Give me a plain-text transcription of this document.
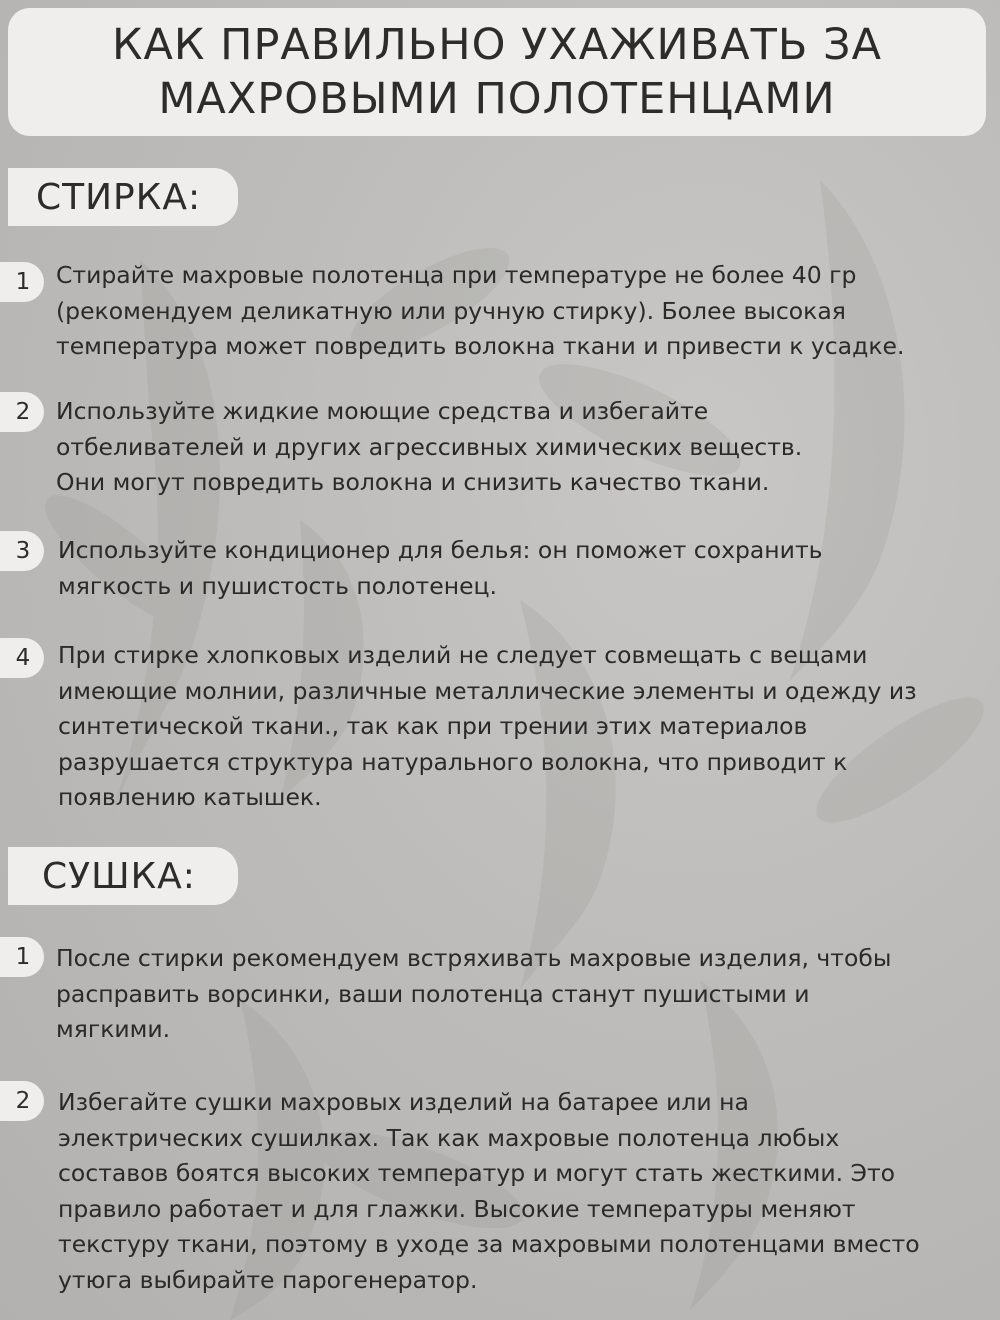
КАК ПРАВИЛЬНО УХАЖИВАТЬ ЗА
МАХРОВЫМИ ПОЛОТЕНЦАМИ
СТИРКА:
1	Стирайте махровые полотенца при температуре не более 40 гр
(рекомендуем деликатную или ручную стирку). Более высокая
температура может повредить волокна ткани и привести к усадке.

2	Используйте жидкие моющие средства и избегайте
отбеливателей и других агрессивных химических веществ.
Они могут повредить волокна и снизить качество ткани.

3	Используйте кондиционер для белья: он поможет сохранить
мягкость и пушистость полотенец.

4	При стирке хлопковых изделий не следует совмещать с вещами
имеющие молнии, различные металлические элементы и одежду из
синтетической ткани., так как при трении этих материалов
разрушается структура натурального волокна, что приводит к
появлению катышек.

СУШКА:
1	После стирки рекомендуем встряхивать махровые изделия, чтобы
расправить ворсинки, ваши полотенца станут пушистыми и
мягкими.

2	Избегайте сушки махровых изделий на батарее или на
электрических сушилках. Так как махровые полотенца любых
составов боятся высоких температур и могут стать жесткими. Это
правило работает и для глажки. Высокие температуры меняют
текстуру ткани, поэтому в уходе за махровыми полотенцами вместо
утюга выбирайте парогенератор.
